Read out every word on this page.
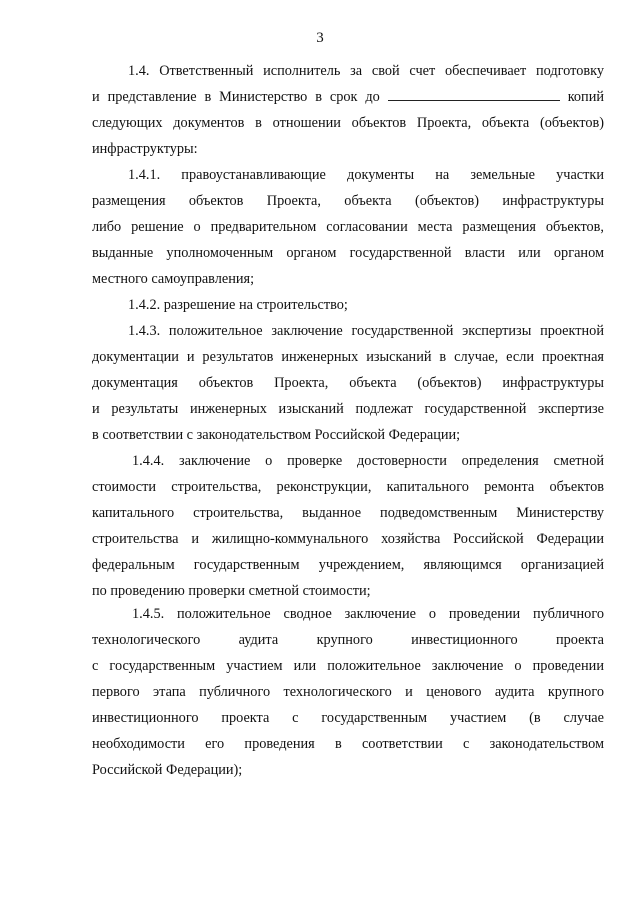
3
1.4. Ответственный исполнитель за свой счет обеспечивает подготовку
и представление в Министерство в срок до	копий
следующих документов в отношении объектов Проекта, объекта (объектов)
инфраструктуры:
1.4.1. правоустанавливающие документы на земельные участки
размещения объектов Проекта, объекта (объектов) инфраструктуры
либо решение о предварительном согласовании места размещения объектов,
выданные уполномоченным органом государственной власти или органом
местного самоуправления;
1.4.2. разрешение на строительство;
1.4.3. положительное заключение государственной экспертизы проектной
документации и результатов инженерных изысканий в случае, если проектная
документация объектов Проекта, объекта (объектов) инфраструктуры
и результаты инженерных изысканий подлежат государственной экспертизе
в соответствии с законодательством Российской Федерации;
1.4.4. заключение о проверке достоверности определения сметной
стоимости строительства, реконструкции, капитального ремонта объектов
капитального строительства, выданное подведомственным Министерству
строительства и жилищно-коммунального хозяйства Российской Федерации
федеральным государственным учреждением, являющимся организацией
по проведению проверки сметной стоимости;
1.4.5. положительное сводное заключение о проведении публичного
технологического аудита крупного инвестиционного проекта
с государственным участием или положительное заключение о проведении
первого этапа публичного технологического и ценового аудита крупного
инвестиционного проекта с государственным участием (в случае
необходимости его проведения в соответствии с законодательством
Российской Федерации);
